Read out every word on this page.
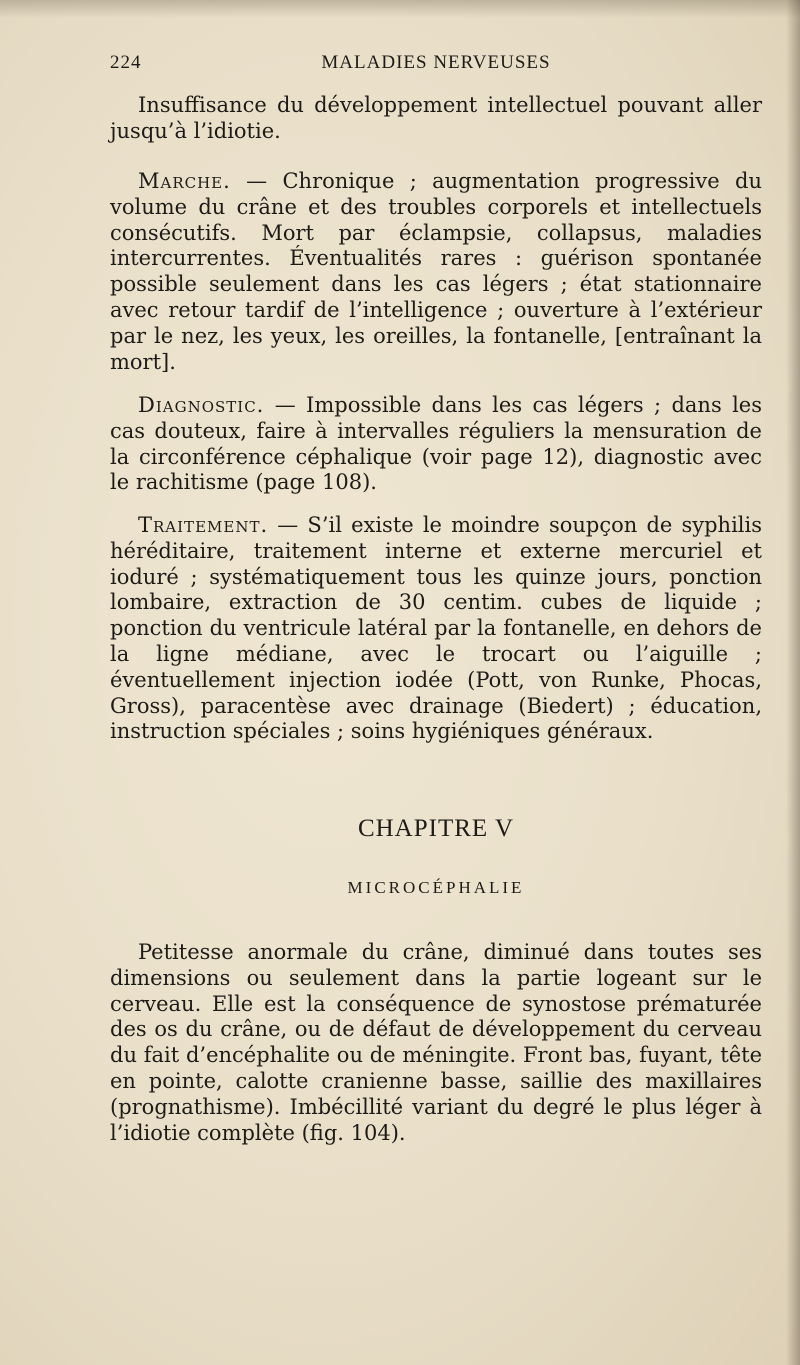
224	MALADIES NERVEUSES

Insuffisance du développement intellectuel pouvant aller jusqu’à l’idiotie.

Marche. — Chronique ; augmentation progressive du volume du crâne et des troubles corporels et intellectuels consécutifs. Mort par éclampsie, collapsus, maladies intercurrentes. Éventualités rares : guérison spontanée possible seulement dans les cas légers ; état stationnaire avec retour tardif de l’intelligence ; ouverture à l’extérieur par le nez, les yeux, les oreilles, la fontanelle, [entraînant la mort].

Diagnostic. — Impossible dans les cas légers ; dans les cas douteux, faire à intervalles réguliers la mensuration de la circonférence céphalique (voir page 12), diagnostic avec le rachitisme (page 108).

Traitement. — S’il existe le moindre soupçon de syphilis héréditaire, traitement interne et externe mercuriel et ioduré ; systématiquement tous les quinze jours, ponction lombaire, extraction de 30 centim. cubes de liquide ; ponction du ventricule latéral par la fontanelle, en dehors de la ligne médiane, avec le trocart ou l’aiguille ; éventuellement injection iodée (Pott, von Runke, Phocas, Gross), paracentèse avec drainage (Biedert) ; éducation, instruction spéciales ; soins hygiéniques généraux.

CHAPITRE V
MICROCÉPHALIE

Petitesse anormale du crâne, diminué dans toutes ses dimensions ou seulement dans la partie logeant sur le cerveau. Elle est la conséquence de synostose prématurée des os du crâne, ou de défaut de développement du cerveau du fait d’encéphalite ou de méningite. Front bas, fuyant, tête en pointe, calotte cranienne basse, saillie des maxillaires (prognathisme). Imbécillité variant du degré le plus léger à l’idiotie complète (fig. 104).
